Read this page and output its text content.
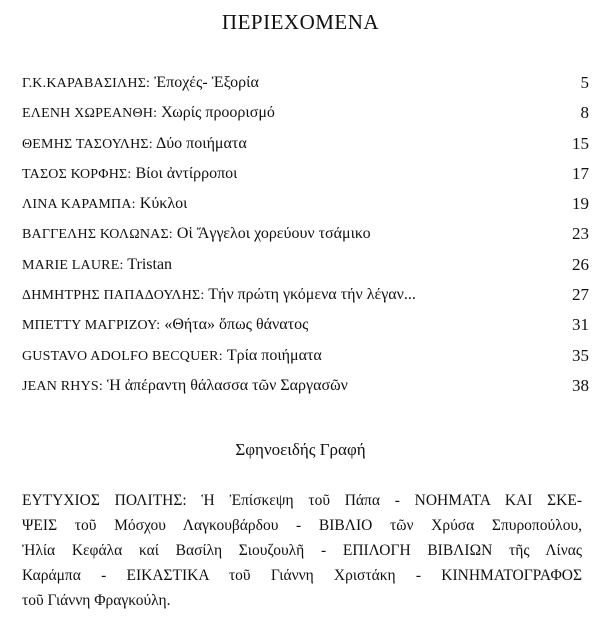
ΠΕΡΙΕΧΟΜΕΝΑ
Γ.Κ.ΚΑΡΑΒΑΣΙΛΗΣ: Ἐποχές- Ἐξορία	5
ΕΛΕΝΗ ΧΩΡΕΑΝΘΗ: Χωρίς προορισμό	8
ΘΕΜΗΣ ΤΑΣΟΥΛΗΣ: Δύο ποιήματα	15
ΤΑΣΟΣ ΚΟΡΦΗΣ: Βίοι ἀντίρροποι	17
ΛΙΝΑ ΚΑΡΑΜΠΑ: Κύκλοι	19
ΒΑΓΓΕΛΗΣ ΚΟΛΩΝΑΣ: Οἱ Ἄγγελοι χορεύουν τσάμικο	23
MARIE LAURE: Tristan	26
ΔΗΜΗΤΡΗΣ ΠΑΠΑΔΟΥΛΗΣ: Τήν πρώτη γκόμενα τήν λέγαν...	27
ΜΠΕΤΤΥ ΜΑΓΡΙΖΟΥ: «Θήτα» ὅπως θάνατος	31
GUSTAVO ADOLFO BECQUER: Τρία ποιήματα	35
JEAN RHYS: Ἡ ἀπέραντη θάλασσα τῶν Σαργασῶν	38
Σφηνοειδής Γραφή

ΕΥΤΥΧΙΟΣ ΠΟΛΙΤΗΣ: Ἡ Ἐπίσκεψη τοῦ Πάπα - ΝΟΗΜΑΤΑ ΚΑΙ ΣΚΕ-
ΨΕΙΣ τοῦ Μόσχου Λαγκουβάρδου - ΒΙΒΛΙΟ τῶν Χρύσα Σπυροπούλου,
Ἠλία Κεφάλα καί Βασίλη Σιουζουλῆ - ΕΠΙΛΟΓΗ ΒΙΒΛΙΩΝ τῆς Λίνας
Καράμπα - ΕΙΚΑΣΤΙΚΑ τοῦ Γιάννη Χριστάκη - ΚΙΝΗΜΑΤΟΓΡΑΦΟΣ
τοῦ Γιάννη Φραγκούλη.
